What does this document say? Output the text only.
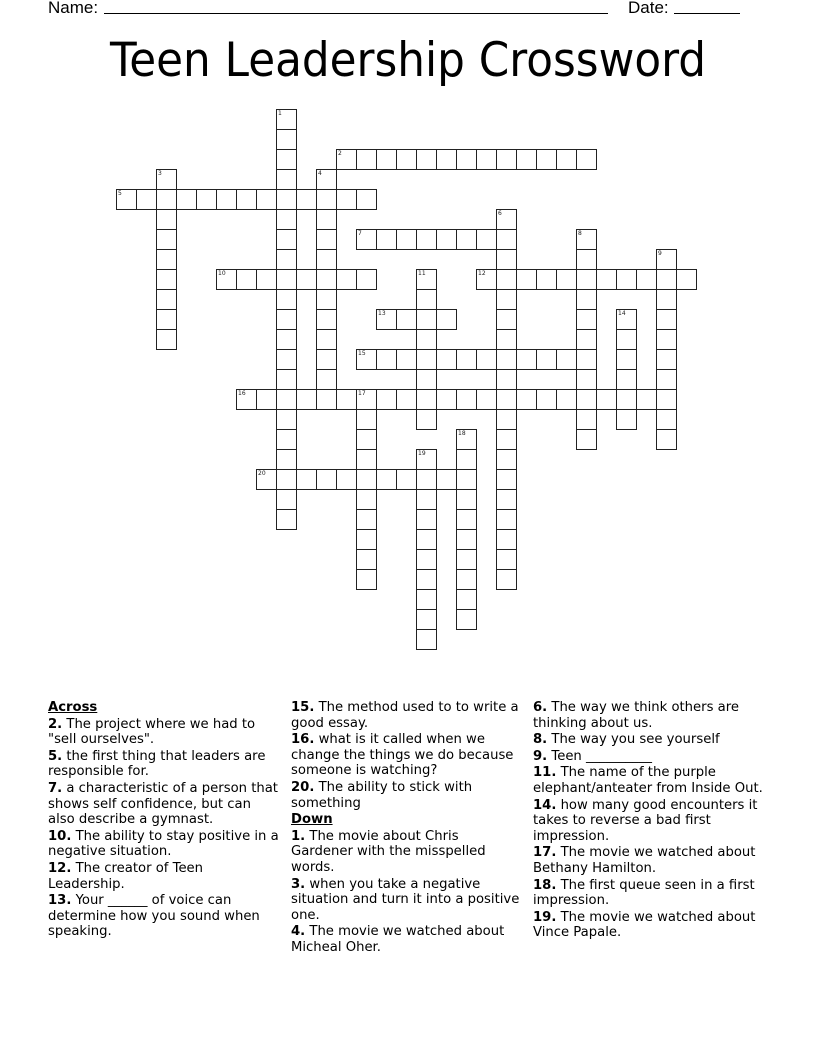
Name:	Date:
Teen Leadership Crossword
1
2
3	4
5
6
7	8
9
10	11	12
13	14
15
16	17
18
19
20
Across
2. The project where we had to "sell ourselves".
5. the first thing that leaders are responsible for.
7. a characteristic of a person that shows self confidence, but can also describe a gymnast.
10. The ability to stay positive in a negative situation.
12. The creator of Teen Leadership.
13. Your ______ of voice can determine how you sound when speaking.
15. The method used to to write a good essay.
16. what is it called when we change the things we do because someone is watching?
20. The ability to stick with something
Down
1. The movie about Chris Gardener with the misspelled words.
3. when you take a negative situation and turn it into a positive one.
4. The movie we watched about Micheal Oher.
6. The way we think others are thinking about us.
8. The way you see yourself
9. Teen __________
11. The name of the purple elephant/anteater from Inside Out.
14. how many good encounters it takes to reverse a bad first impression.
17. The movie we watched about Bethany Hamilton.
18. The first queue seen in a first impression.
19. The movie we watched about Vince Papale.
